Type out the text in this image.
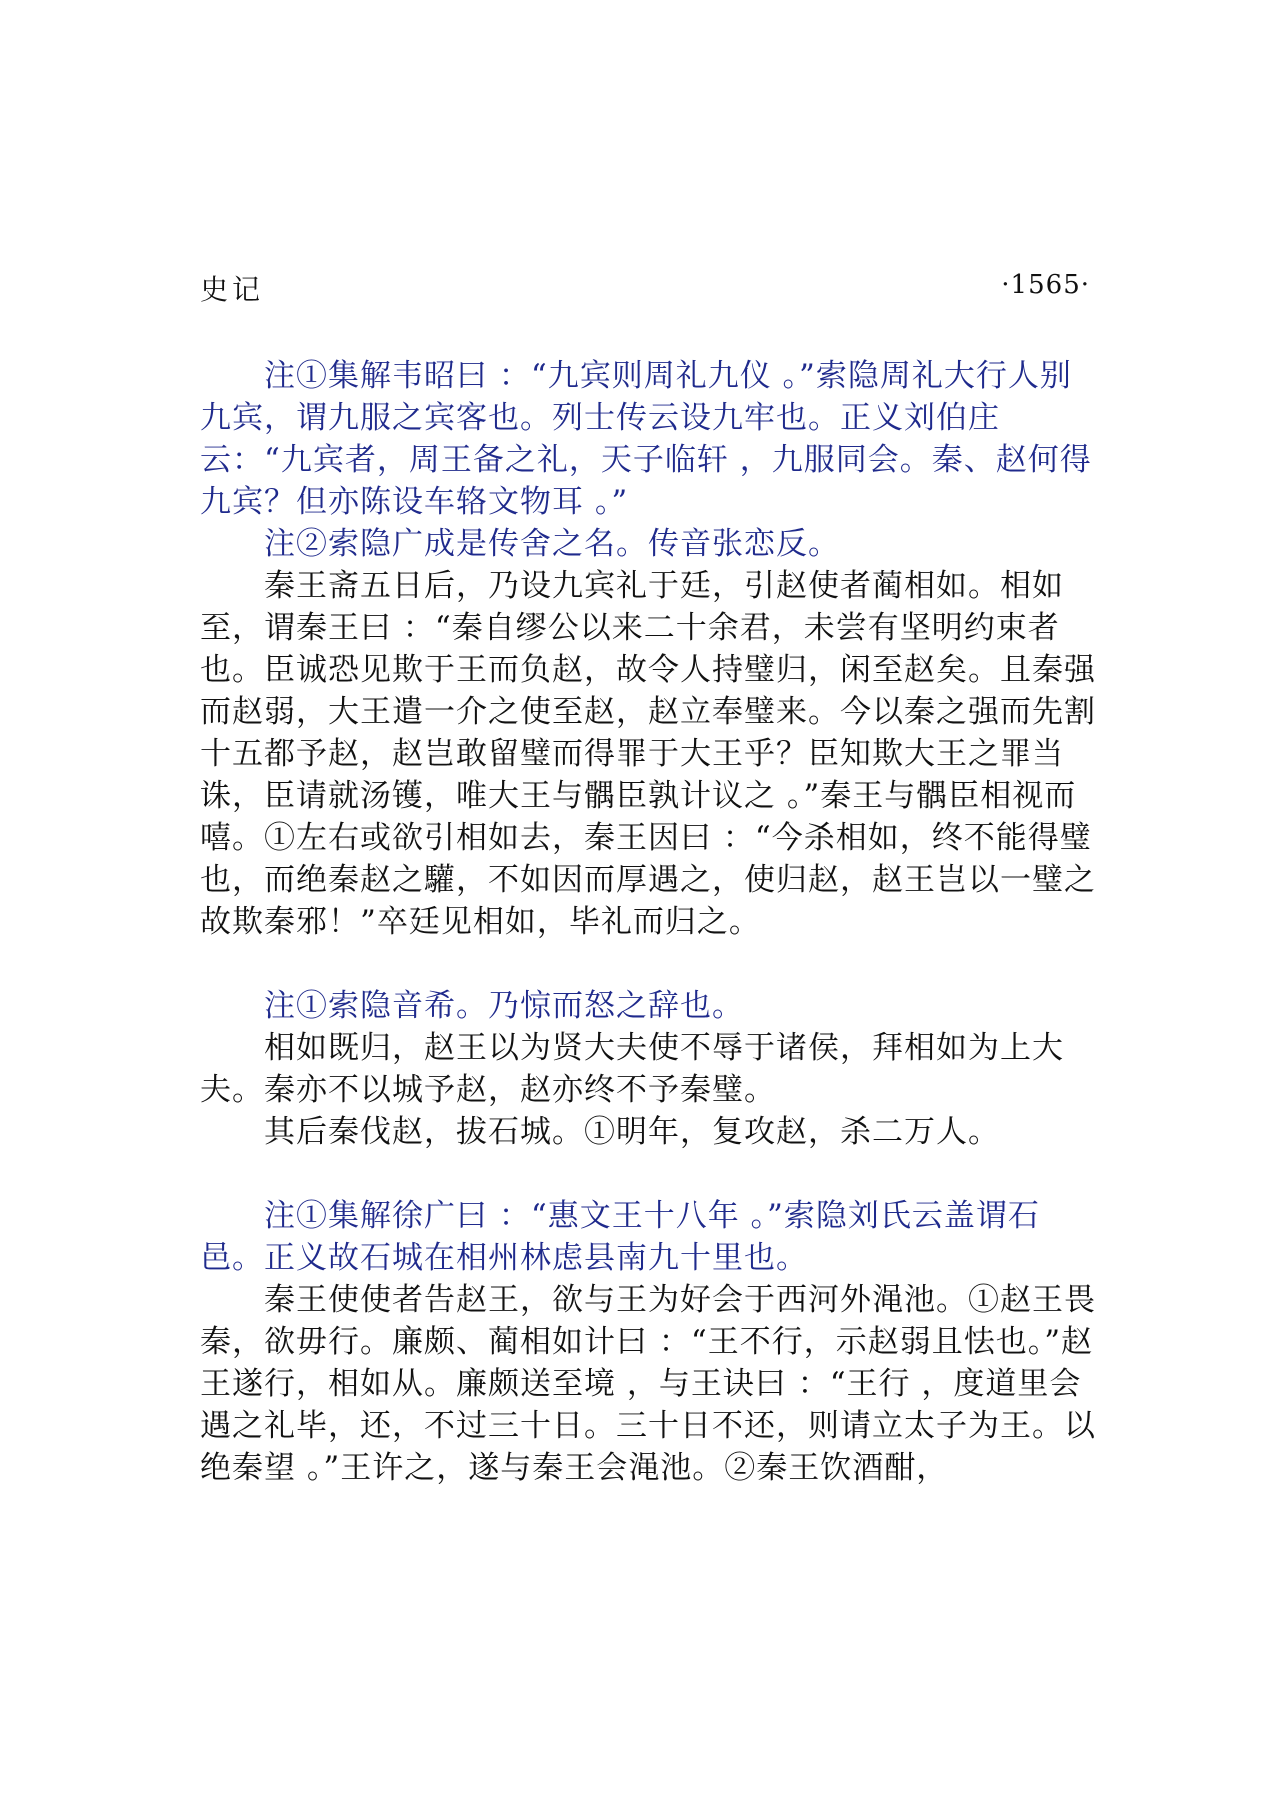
史记	·1565·

注①集解韦昭曰 ：“九宾则周礼九仪 。”索隐周礼大行人别九宾，谓九服之宾客也。列士传云设九牢也。正义刘伯庄云：“九宾者，周王备之礼，天子临轩 ，九服同会。秦、赵何得九宾？但亦陈设车辂文物耳 。”

注②索隐广成是传舍之名。传音张恋反。

秦王斋五日后，乃设九宾礼于廷，引赵使者蔺相如。相如至，谓秦王曰 ：“秦自缪公以来二十余君，未尝有坚明约束者也。臣诚恐见欺于王而负赵，故令人持璧归，闲至赵矣。且秦强而赵弱，大王遣一介之使至赵，赵立奉璧来。今以秦之强而先割十五都予赵，赵岂敢留璧而得罪于大王乎？臣知欺大王之罪当诛，臣请就汤镬，唯大王与髃臣孰计议之 。”秦王与髃臣相视而嘻。①左右或欲引相如去，秦王因曰 ：“今杀相如，终不能得璧也，而绝秦赵之驩，不如因而厚遇之，使归赵，赵王岂以一璧之故欺秦邪！”卒廷见相如，毕礼而归之。

注①索隐音希。乃惊而怒之辞也。

相如既归，赵王以为贤大夫使不辱于诸侯，拜相如为上大夫。秦亦不以城予赵，赵亦终不予秦璧。

其后秦伐赵，拔石城。①明年，复攻赵，杀二万人。

注①集解徐广曰 ：“惠文王十八年 。”索隐刘氏云盖谓石邑。正义故石城在相州林虑县南九十里也。

秦王使使者告赵王，欲与王为好会于西河外渑池。①赵王畏秦，欲毋行。廉颇、蔺相如计曰 ：“王不行，示赵弱且怯也。”赵王遂行，相如从。廉颇送至境 ，与王诀曰 ：“王行 ，度道里会遇之礼毕，还，不过三十日。三十日不还，则请立太子为王。以绝秦望 。”王许之，遂与秦王会渑池。②秦王饮酒酣，
